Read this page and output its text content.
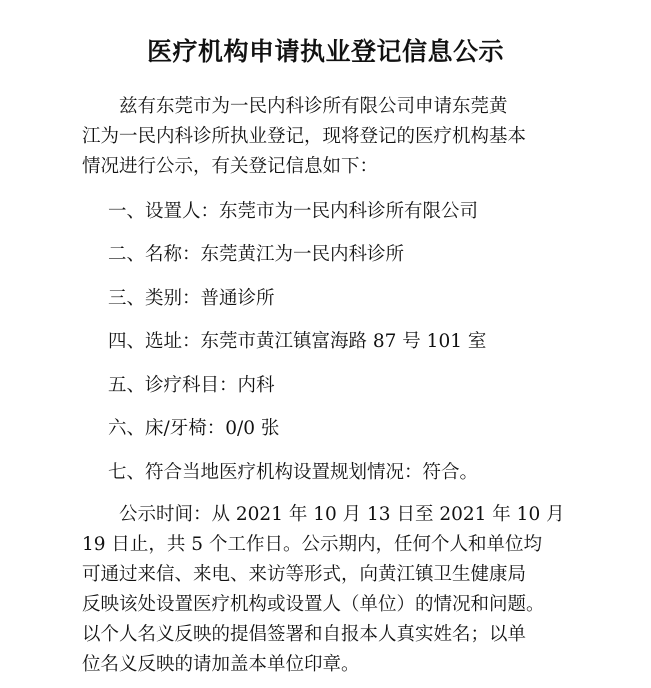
医疗机构申请执业登记信息公示
　　兹有东莞市为一民内科诊所有限公司申请东莞黄
江为一民内科诊所执业登记，现将登记的医疗机构基本
情况进行公示，有关登记信息如下：

一、设置人：东莞市为一民内科诊所有限公司

二、名称：东莞黄江为一民内科诊所

三、类别：普通诊所

四、选址：东莞市黄江镇富海路 87 号 101 室

五、诊疗科目：内科

六、床/牙椅：0/0 张

七、符合当地医疗机构设置规划情况：符合。

　　公示时间：从 2021 年 10 月 13 日至 2021 年 10 月
19 日止，共 5 个工作日。公示期内，任何个人和单位均
可通过来信、来电、来访等形式，向黄江镇卫生健康局
反映该处设置医疗机构或设置人（单位）的情况和问题。
以个人名义反映的提倡签署和自报本人真实姓名；以单
位名义反映的请加盖本单位印章。
